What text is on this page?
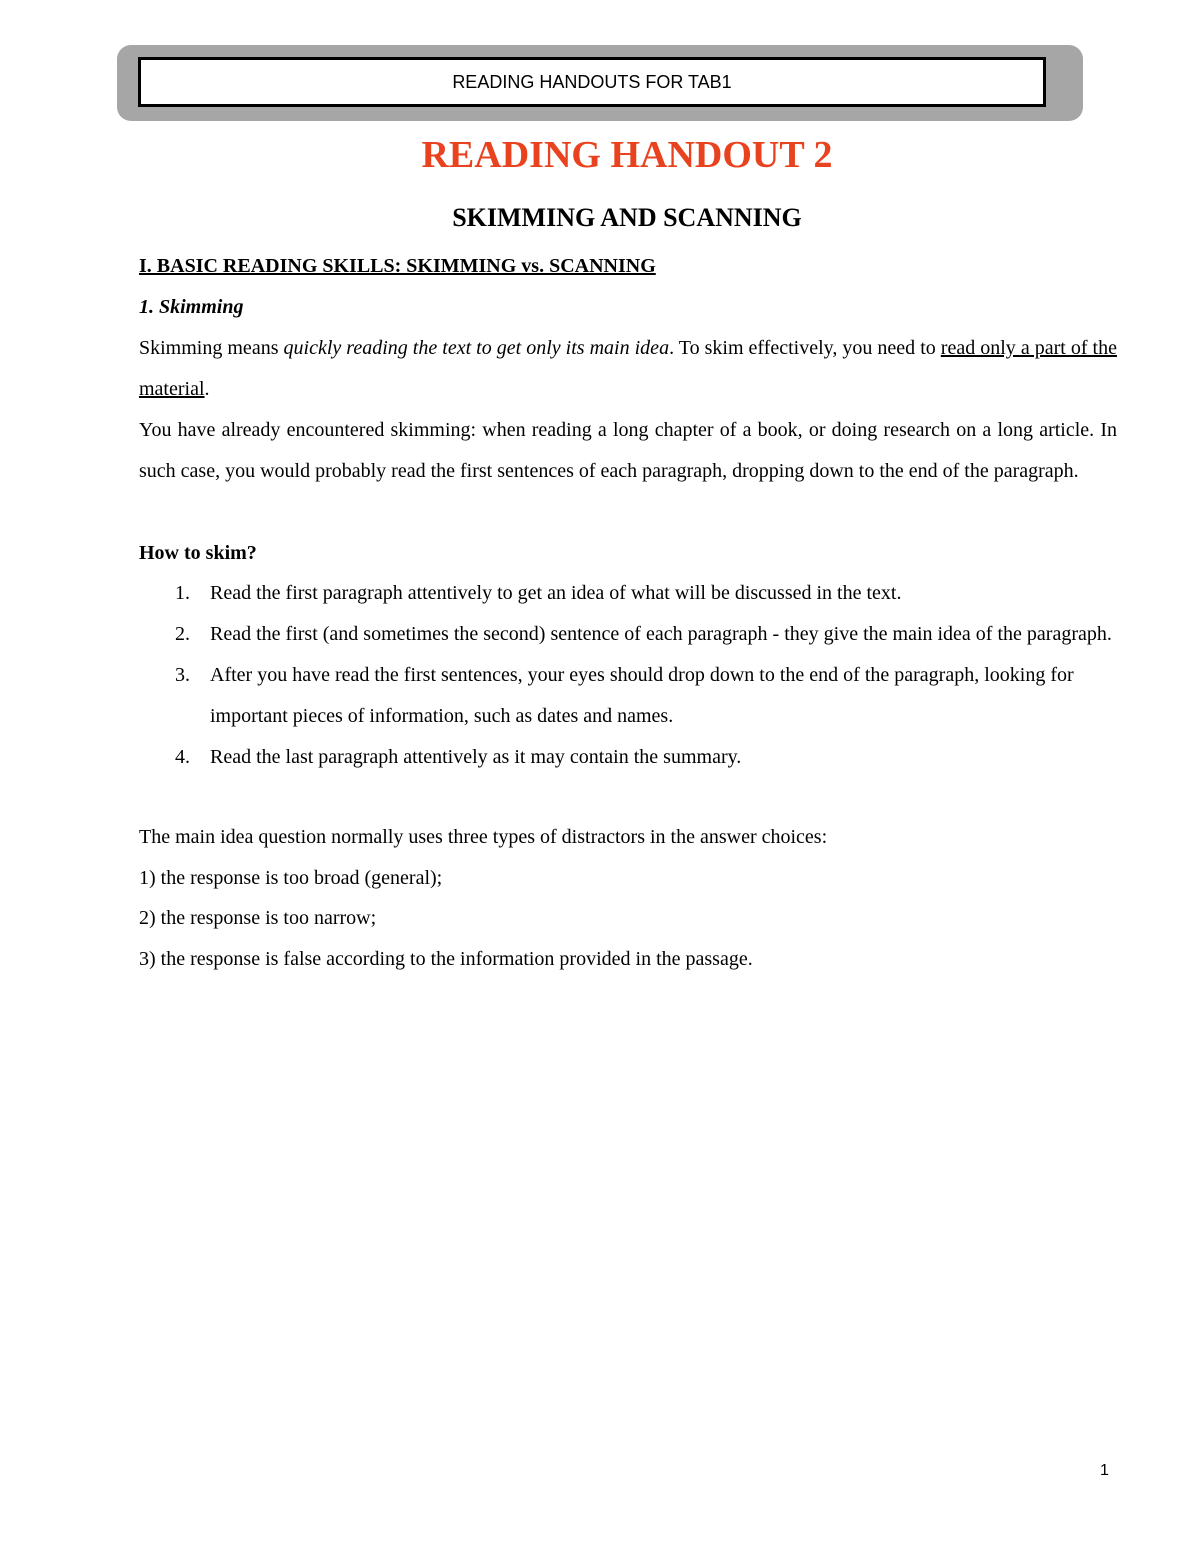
READING HANDOUTS FOR TAB1
READING HANDOUT 2
SKIMMING AND SCANNING
I. BASIC READING SKILLS: SKIMMING vs. SCANNING
1. Skimming
Skimming means quickly reading the text to get only its main idea. To skim effectively, you need to read only a part of the material.
You have already encountered skimming: when reading a long chapter of a book, or doing research on a long article. In such case, you would probably read the first sentences of each paragraph, dropping down to the end of the paragraph.
How to skim?
1. Read the first paragraph attentively to get an idea of what will be discussed in the text.
2. Read the first (and sometimes the second) sentence of each paragraph - they give the main idea of the paragraph.
3. After you have read the first sentences, your eyes should drop down to the end of the paragraph, looking for important pieces of information, such as dates and names.
4. Read the last paragraph attentively as it may contain the summary.
The main idea question normally uses three types of distractors in the answer choices:
1) the response is too broad (general);
2) the response is too narrow;
3) the response is false according to the information provided in the passage.
1
